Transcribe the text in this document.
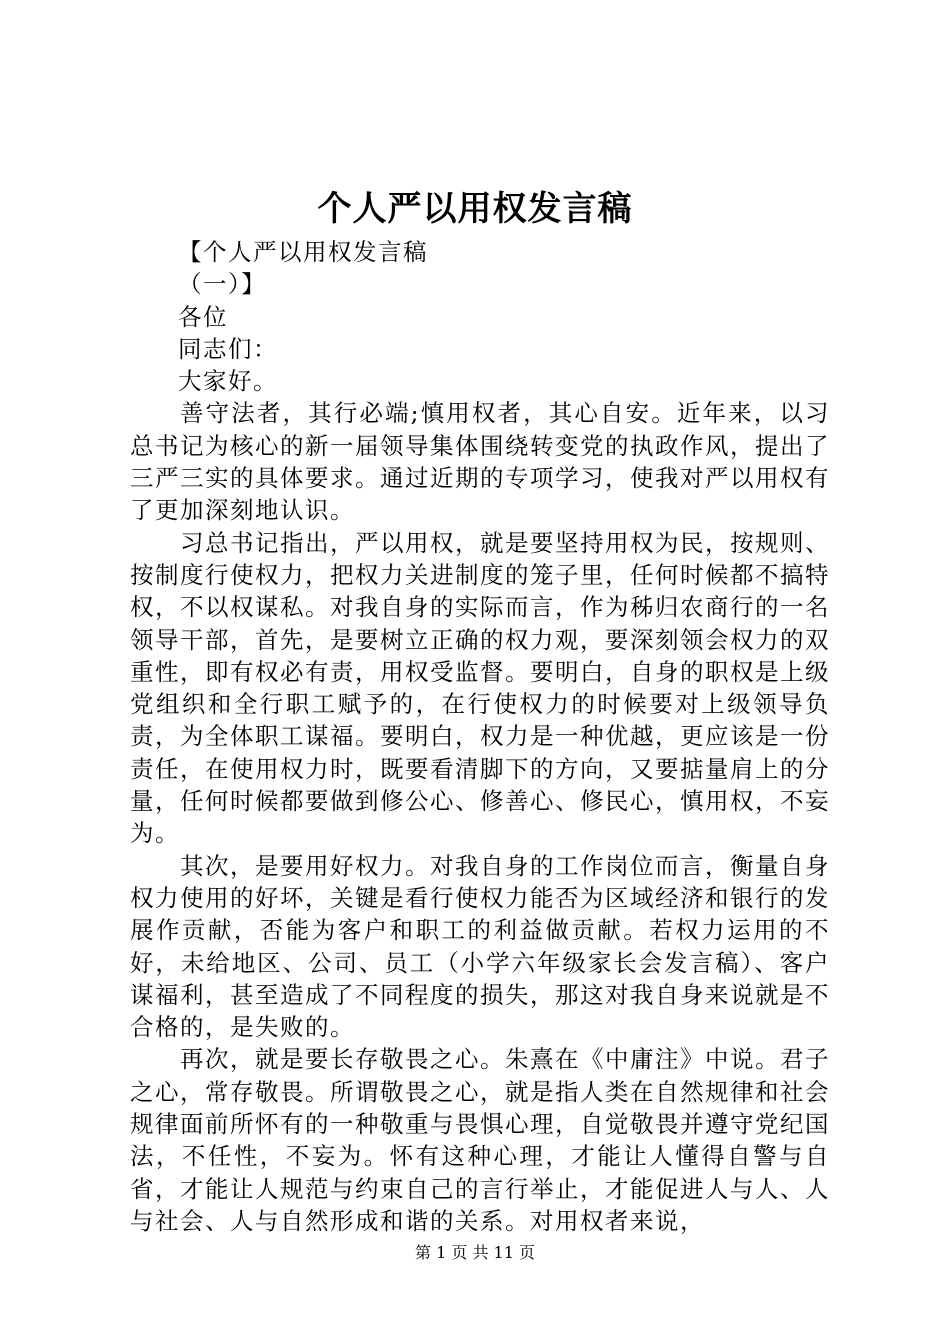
个人严以用权发言稿

【个人严以用权发言稿

（一）】

各位

同志们：

大家好。

善守法者，其行必端;慎用权者，其心自安。近年来，以习总书记为核心的新一届领导集体围绕转变党的执政作风，提出了三严三实的具体要求。通过近期的专项学习，使我对严以用权有了更加深刻地认识。

习总书记指出，严以用权，就是要坚持用权为民，按规则、按制度行使权力，把权力关进制度的笼子里，任何时候都不搞特权，不以权谋私。对我自身的实际而言，作为秭归农商行的一名领导干部，首先，是要树立正确的权力观，要深刻领会权力的双重性，即有权必有责，用权受监督。要明白，自身的职权是上级党组织和全行职工赋予的，在行使权力的时候要对上级领导负责，为全体职工谋福。要明白，权力是一种优越，更应该是一份责任，在使用权力时，既要看清脚下的方向，又要掂量肩上的分量，任何时候都要做到修公心、修善心、修民心，慎用权，不妄为。

其次，是要用好权力。对我自身的工作岗位而言，衡量自身权力使用的好坏，关键是看行使权力能否为区域经济和银行的发展作贡献，否能为客户和职工的利益做贡献。若权力运用的不好，未给地区、公司、员工（小学六年级家长会发言稿）、客户谋福利，甚至造成了不同程度的损失，那这对我自身来说就是不合格的，是失败的。

再次，就是要长存敬畏之心。朱熹在《中庸注》中说。君子之心，常存敬畏。所谓敬畏之心，就是指人类在自然规律和社会规律面前所怀有的一种敬重与畏惧心理，自觉敬畏并遵守党纪国法，不任性，不妄为。怀有这种心理，才能让人懂得自警与自省，才能让人规范与约束自己的言行举止，才能促进人与人、人与社会、人与自然形成和谐的关系。对用权者来说，

第 1 页 共 11 页
